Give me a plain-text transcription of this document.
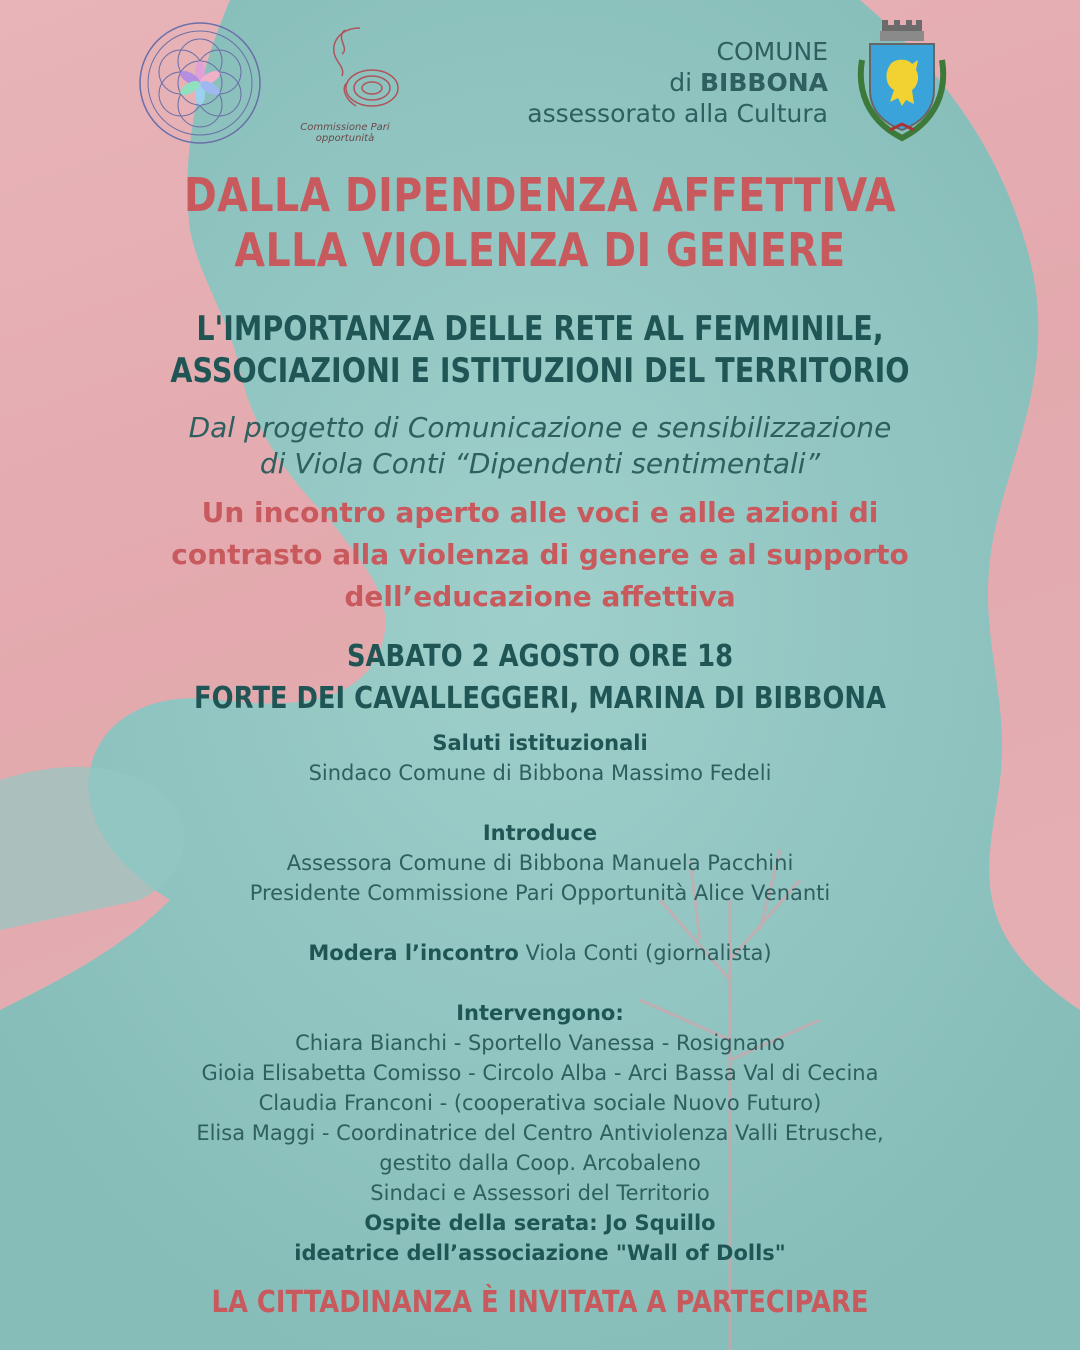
Commissione Pari opportunità
COMUNE
di BIBBONA
assessorato alla Cultura
DALLA DIPENDENZA AFFETTIVA
ALLA VIOLENZA DI GENERE
L'IMPORTANZA DELLE RETE AL FEMMINILE,
ASSOCIAZIONI E ISTITUZIONI DEL TERRITORIO
Dal progetto di Comunicazione e sensibilizzazione
di Viola Conti “Dipendenti sentimentali”
Un incontro aperto alle voci e alle azioni di
contrasto alla violenza di genere e al supporto
dell’educazione affettiva
SABATO 2 AGOSTO ORE 18
FORTE DEI CAVALLEGGERI, MARINA DI BIBBONA
Saluti istituzionali
Sindaco Comune di Bibbona Massimo Fedeli
Introduce
Assessora Comune di Bibbona Manuela Pacchini
Presidente Commissione Pari Opportunità Alice Venanti
Modera l’incontro Viola Conti (giornalista)
Intervengono:
Chiara Bianchi - Sportello Vanessa - Rosignano
Gioia Elisabetta Comisso - Circolo Alba - Arci Bassa Val di Cecina
Claudia Franconi - (cooperativa sociale Nuovo Futuro)
Elisa Maggi - Coordinatrice del Centro Antiviolenza Valli Etrusche,
gestito dalla Coop. Arcobaleno
Sindaci e Assessori del Territorio
Ospite della serata: Jo Squillo
ideatrice dell’associazione "Wall of Dolls"
LA CITTADINANZA È INVITATA A PARTECIPARE
